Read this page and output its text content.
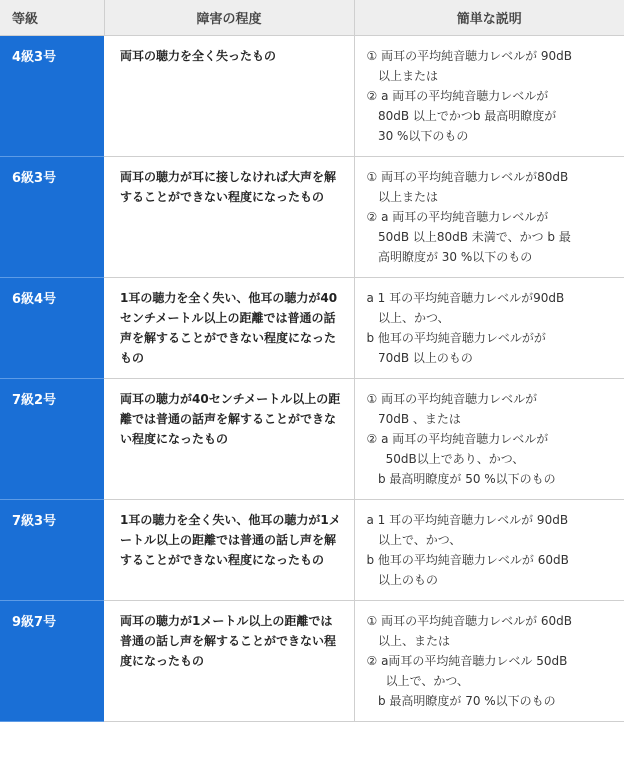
等級	障害の程度	簡単な説明
4級3号	両耳の聴力を全く失ったもの	① 両耳の平均純音聴力レベルが 90dB
以上または
② a 両耳の平均純音聴力レベルが
80dB 以上でかつb 最高明瞭度が
30 %以下のもの

6級3号	両耳の聴力が耳に接しなければ大声を解することができない程度になったもの	① 両耳の平均純音聴力レベルが80dB
以上または
② a 両耳の平均純音聴力レベルが
50dB 以上80dB 未満で、かつ b 最
高明瞭度が 30 %以下のもの

6級4号	1耳の聴力を全く失い、他耳の聴力が40センチメートル以上の距離では普通の話声を解することができない程度になったもの	a 1 耳の平均純音聴力レベルが90dB
以上、かつ、
b 他耳の平均純音聴力レベルがが
70dB 以上のもの

7級2号	両耳の聴力が40センチメートル以上の距離では普通の話声を解することができない程度になったもの	① 両耳の平均純音聴力レベルが
70dB 、または
② a 両耳の平均純音聴力レベルが
50dB以上であり、かつ、
b 最高明瞭度が 50 %以下のもの

7級3号	1耳の聴力を全く失い、他耳の聴力が1メートル以上の距離では普通の話し声を解することができない程度になったもの	a 1 耳の平均純音聴力レベルが 90dB
以上で、かつ、
b 他耳の平均純音聴力レベルが 60dB
以上のもの

9級7号	両耳の聴力が1メートル以上の距離では普通の話し声を解することができない程度になったもの	① 両耳の平均純音聴力レベルが 60dB
以上、または
② a両耳の平均純音聴力レベル 50dB
以上で、かつ、
b 最高明瞭度が 70 %以下のもの
